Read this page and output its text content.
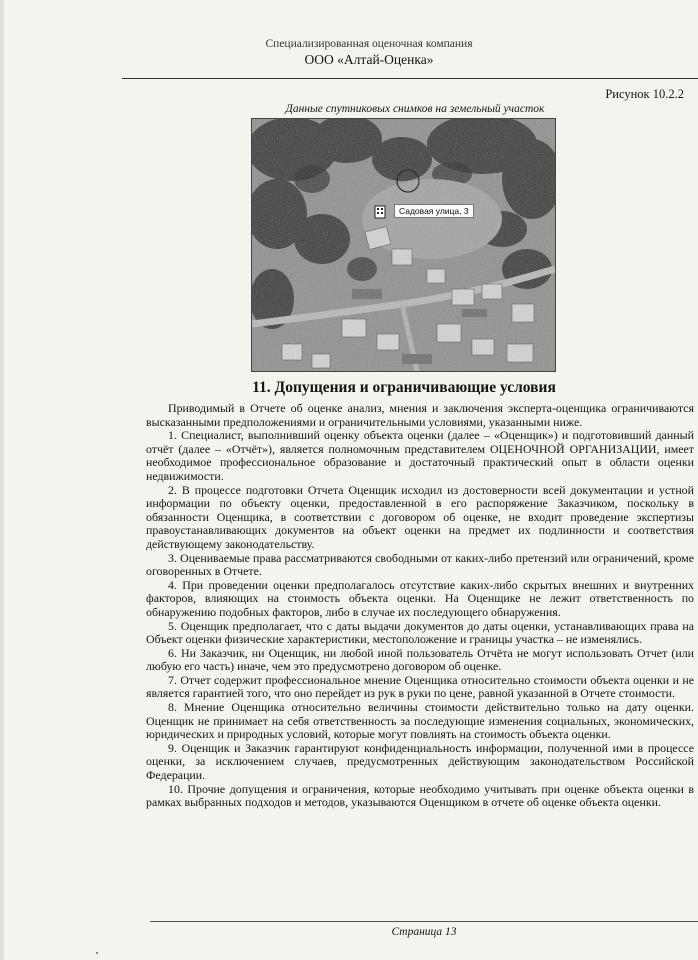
Специализированная оценочная компания
ООО «Алтай-Оценка»
Рисунок 10.2.2
Данные спутниковых снимков на земельный участок
Садовая улица, 3
11. Допущения и ограничивающие условия

Приводимый в Отчете об оценке анализ, мнения и заключения эксперта-оценщика ограничиваются высказанными предположениями и ограничительными условиями, указанными ниже.

1. Специалист, выполнивший оценку объекта оценки (далее – «Оценщик») и подготовивший данный отчёт (далее – «Отчёт»), является полномочным представителем ОЦЕНОЧНОЙ ОРГАНИЗАЦИИ, имеет необходимое профессиональное образование и достаточный практический опыт в области оценки недвижимости.

2. В процессе подготовки Отчета Оценщик исходил из достоверности всей документации и устной информации по объекту оценки, предоставленной в его распоряжение Заказчиком, поскольку в обязанности Оценщика, в соответствии с договором об оценке, не входит проведение экспертизы правоустанавливающих документов на объект оценки на предмет их подлинности и соответствия действующему законодательству.

3. Оцениваемые права рассматриваются свободными от каких-либо претензий или ограничений, кроме оговоренных в Отчете.

4. При проведении оценки предполагалось отсутствие каких-либо скрытых внешних и внутренних факторов, влияющих на стоимость объекта оценки. На Оценщике не лежит ответственность по обнаружению подобных факторов, либо в случае их последующего обнаружения.

5. Оценщик предполагает, что с даты выдачи документов до даты оценки, устанавливающих права на Объект оценки физические характеристики, местоположение и границы участка – не изменялись.

6. Ни Заказчик, ни Оценщик, ни любой иной пользователь Отчёта не могут использовать Отчет (или любую его часть) иначе, чем это предусмотрено договором об оценке.

7. Отчет содержит профессиональное мнение Оценщика относительно стоимости объекта оценки и не является гарантией того, что оно перейдет из рук в руки по цене, равной указанной в Отчете стоимости.

8. Мнение Оценщика относительно величины стоимости действительно только на дату оценки. Оценщик не принимает на себя ответственность за последующие изменения социальных, экономических, юридических и природных условий, которые могут повлиять на стоимость объекта оценки.

9. Оценщик и Заказчик гарантируют конфиденциальность информации, полученной ими в процессе оценки, за исключением случаев, предусмотренных действующим законодательством Российской Федерации.

10. Прочие допущения и ограничения, которые необходимо учитывать при оценке объекта оценки в рамках выбранных подходов и методов, указываются Оценщиком в отчете об оценке объекта оценки.

Страница 13
